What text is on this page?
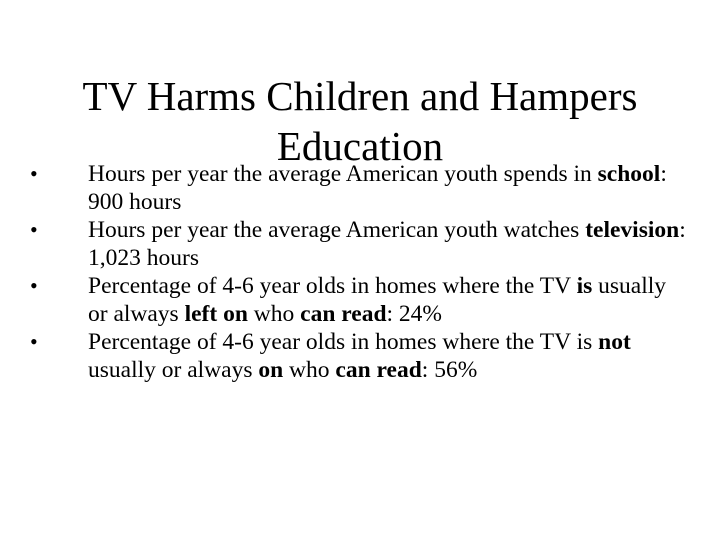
TV Harms Children and Hampers
Education
•	Hours per year the average American youth spends in school: 900 hours
•	Hours per year the average American youth watches television: 1,023 hours
•	Percentage of 4-6 year olds in homes where the TV is usually or always left on who can read: 24%
•	Percentage of 4-6 year olds in homes where the TV is not usually or always on who can read: 56%
